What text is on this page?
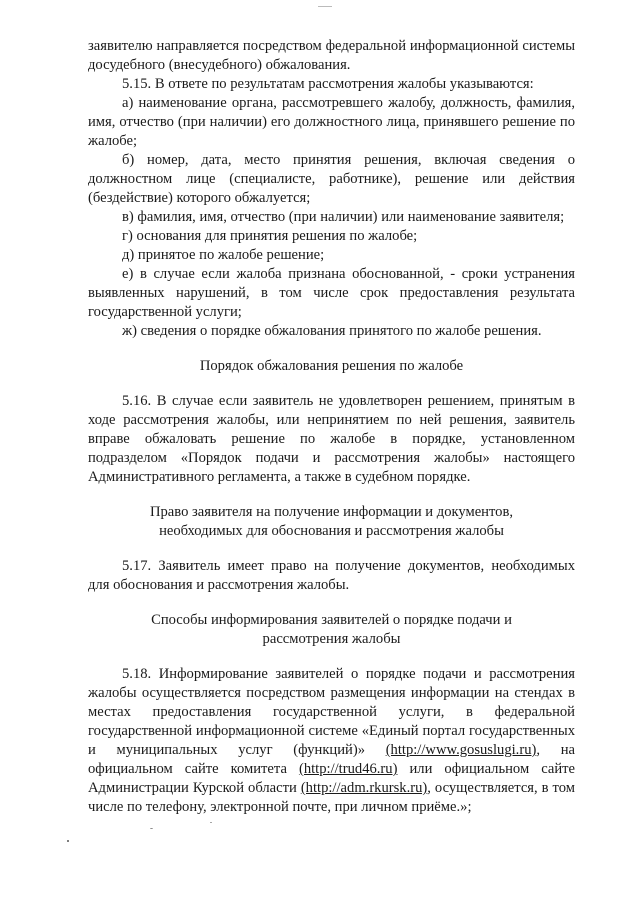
заявителю направляется посредством федеральной информационной системы досудебного (внесудебного) обжалования.

5.15. В ответе по результатам рассмотрения жалобы указываются:

а) наименование органа, рассмотревшего жалобу, должность, фамилия, имя, отчество (при наличии) его должностного лица, принявшего решение по жалобе;

б) номер, дата, место принятия решения, включая сведения о должностном лице (специалисте, работнике), решение или действия (бездействие) которого обжалуется;

в) фамилия, имя, отчество (при наличии) или наименование заявителя;

г) основания для принятия решения по жалобе;

д) принятое по жалобе решение;

е) в случае если жалоба признана обоснованной, - сроки устранения выявленных нарушений, в том числе срок предоставления результата государственной услуги;

ж) сведения о порядке обжалования принятого по жалобе решения.

Порядок обжалования решения по жалобе

5.16. В случае если заявитель не удовлетворен решением, принятым в ходе рассмотрения жалобы, или непринятием по ней решения, заявитель вправе обжаловать решение по жалобе в порядке, установленном подразделом «Порядок подачи и рассмотрения жалобы» настоящего Административного регламента, а также в судебном порядке.

Право заявителя на получение информации и документов,
необходимых для обоснования и рассмотрения жалобы

5.17. Заявитель имеет право на получение документов, необходимых для обоснования и рассмотрения жалобы.

Способы информирования заявителей о порядке подачи и
рассмотрения жалобы

5.18. Информирование заявителей о порядке подачи и рассмотрения жалобы осуществляется посредством размещения информации на стендах в местах предоставления государственной услуги, в федеральной государственной информационной системе «Единый портал государственных и муниципальных услуг (функций)» (http://www.gosuslugi.ru), на официальном сайте комитета (http://trud46.ru) или официальном сайте Администрации Курской области (http://adm.rkursk.ru), осуществляется, в том числе по телефону, электронной почте, при личном приёме.»;
